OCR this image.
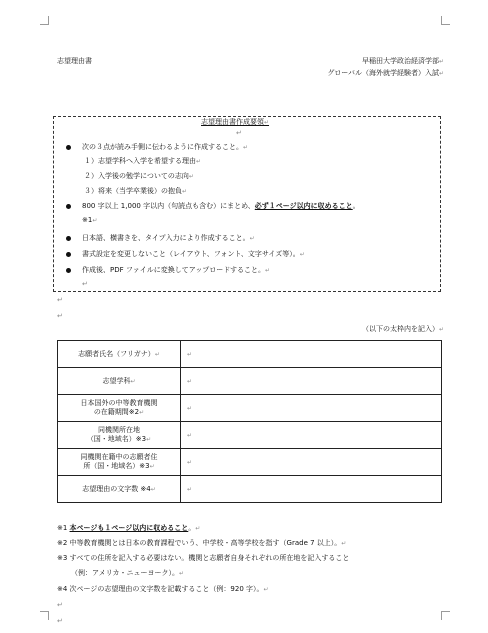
志望理由書	早稲田大学政治経済学部↵
グローバル（海外就学経験者）入試↵
志望理由書作成要領↵
↵
次の３点が読み手側に伝わるように作成すること。↵
１）志望学科へ入学を希望する理由↵
２）入学後の勉学についての志向↵
３）将来（当学卒業後）の抱負↵
800 字以上 1,000 字以内（句読点も含む）にまとめ、必ず１ページ以内に収めること。
※1↵
日本語、横書きを、タイプ入力により作成すること。↵
書式設定を変更しないこと（レイアウト、フォント、文字サイズ等）。↵
作成後、PDF ファイルに変換してアップロードすること。↵
↵
↵
↵
（以下の太枠内を記入）↵
志願者氏名（フリガナ）↵	↵
志望学科↵	↵

日本国外の中等教育機関
の在籍期間※2↵	↵

同機関所在地
（国・地域名）※3↵	↵

同機関在籍中の志願者住
所（国・地域名）※3↵	↵
志望理由の文字数 ※4↵	↵
※1 本ページも１ページ以内に収めること。↵
※2 中等教育機関とは日本の教育課程でいう、中学校・高等学校を指す（Grade 7 以上）。↵
※3 すべての住所を記入する必要はない。機関と志願者自身それぞれの所在地を記入すること
（例：アメリカ・ニューヨーク）。↵
※4 次ページの志望理由の文字数を記載すること（例：920 字）。↵
↵
↵
